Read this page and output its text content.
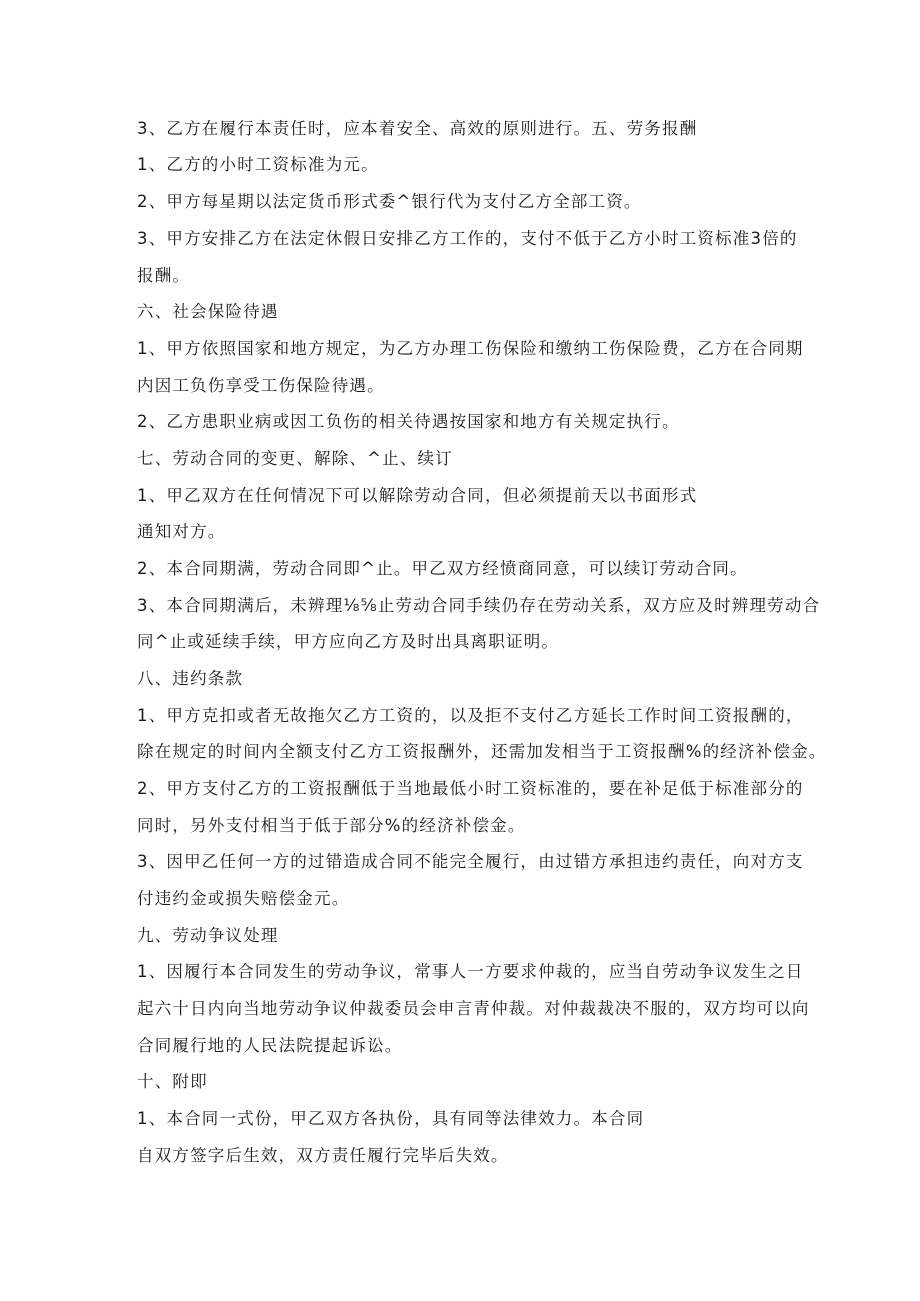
3、乙方在履行本责任时，应本着安全、高效的原则进行。五、劳务报酬
1、乙方的小时工资标准为元。
2、甲方每星期以法定货币形式委^银行代为支付乙方全部工资。
3、甲方安排乙方在法定休假日安排乙方工作的，支付不低于乙方小时工资标准3倍的
报酬。
六、社会保险待遇
1、甲方依照国家和地方规定，为乙方办理工伤保险和缴纳工伤保险费，乙方在合同期
内因工负伤享受工伤保险待遇。
2、乙方患职业病或因工负伤的相关待遇按国家和地方有关规定执行。
七、劳动合同的变更、解除、^止、续订
1、甲乙双方在任何情况下可以解除劳动合同，但必须提前天以书面形式
通知对方。
2、本合同期满，劳动合同即^止。甲乙双方经愤商同意，可以续订劳动合同。
3、本合同期满后，未辨理⅛⅝止劳动合同手续仍存在劳动关系，双方应及时辨理劳动合
同^止或延续手续，甲方应向乙方及时出具离职证明。
八、违约条款
1、甲方克扣或者无故拖欠乙方工资的，以及拒不支付乙方延长工作时间工资报酬的，
除在规定的时间内全额支付乙方工资报酬外，还需加发相当于工资报酬%的经济补偿金。
2、甲方支付乙方的工资报酬低于当地最低小时工资标准的，要在补足低于标准部分的
同时，另外支付相当于低于部分%的经济补偿金。
3、因甲乙任何一方的过错造成合同不能完全履行，由过错方承担违约责任，向对方支
付违约金或损失赔偿金元。
九、劳动争议处理
1、因履行本合同发生的劳动争议，常事人一方要求仲裁的，应当自劳动争议发生之日
起六十日内向当地劳动争议仲裁委员会申言青仲裁。对仲裁裁决不服的，双方均可以向
合同履行地的人民法院提起诉讼。
十、附即
1、本合同一式份，甲乙双方各执份，具有同等法律效力。本合同
自双方签字后生效，双方责任履行完毕后失效。
